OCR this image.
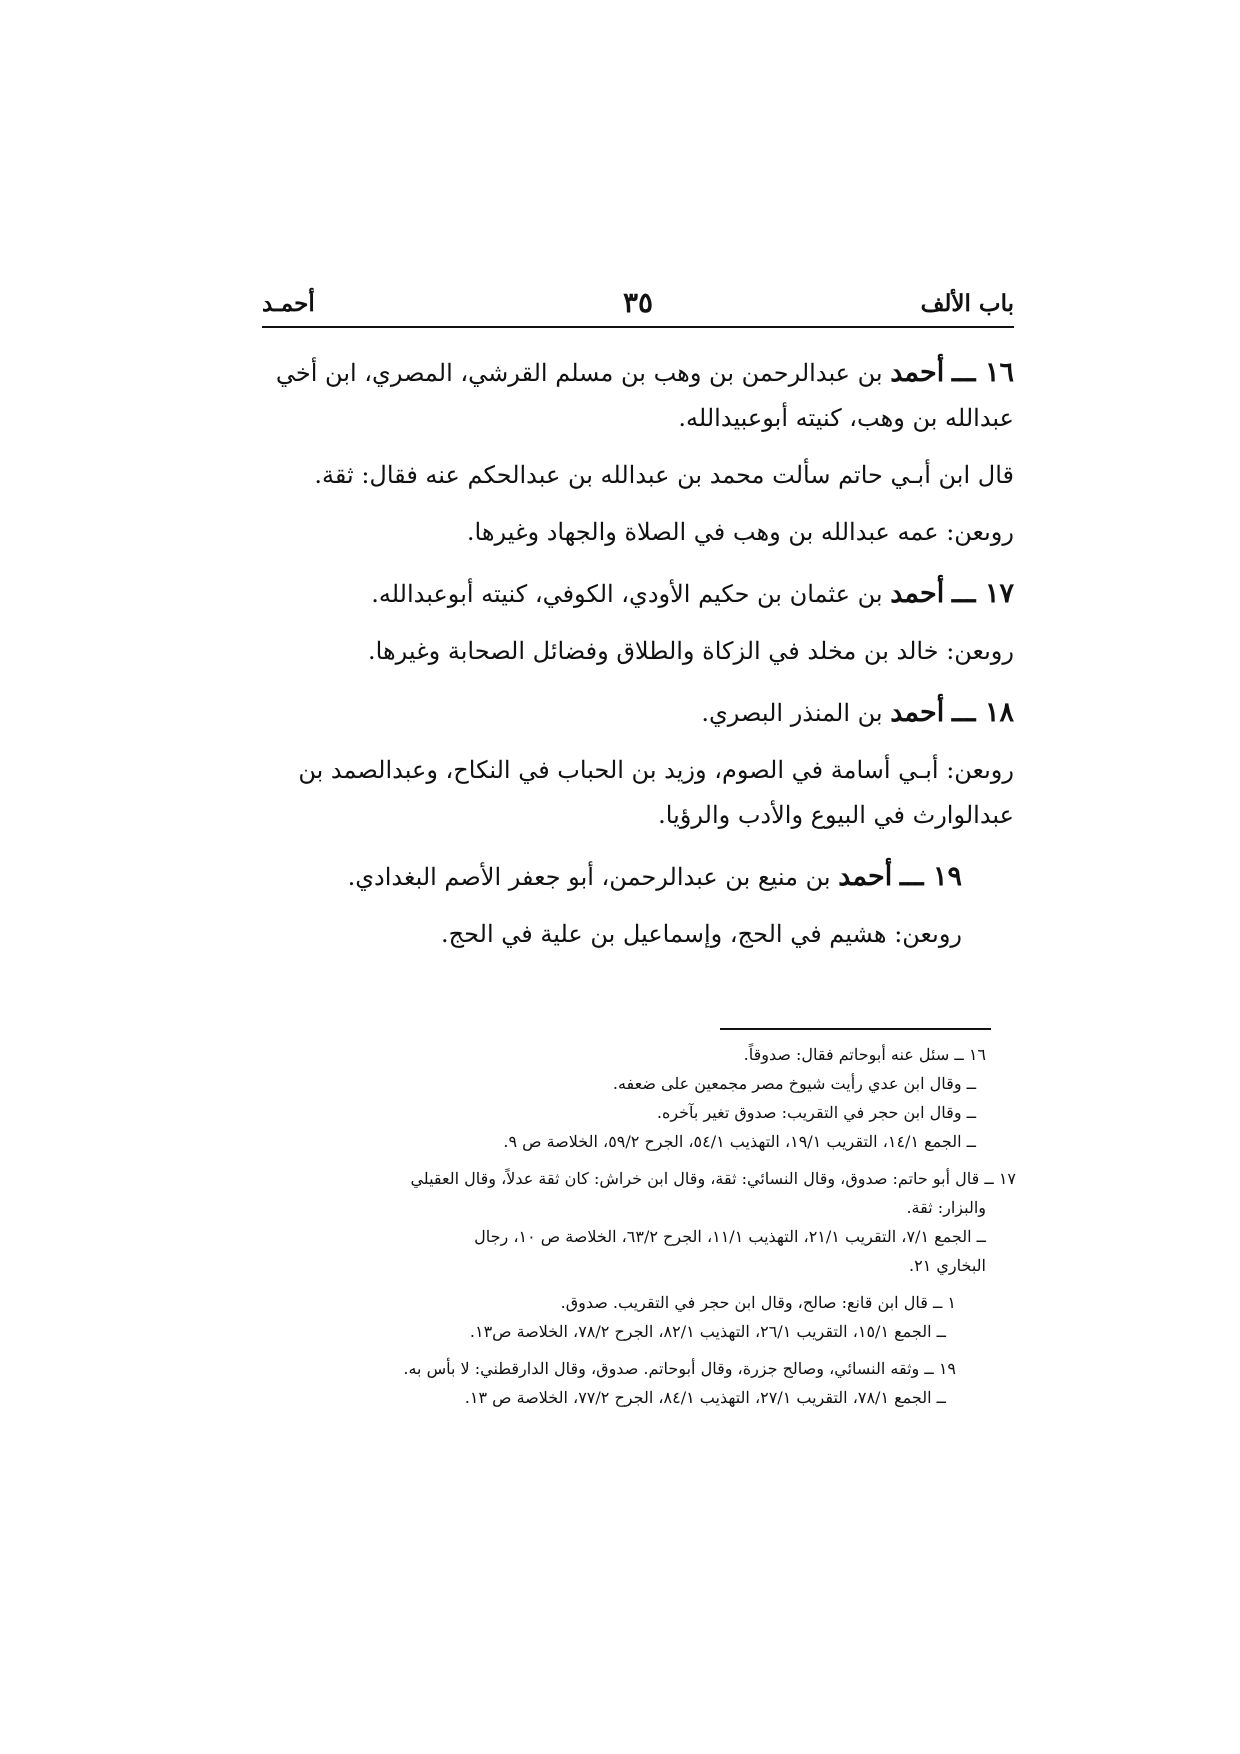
باب الألف
٣٥
أحمـد

١٦ ـــ أحمد بن عبدالرحمن بن وهب بن مسلم القرشي، المصري، ابن أخي

عبدالله بن وهب، كنيته أبوعبيدالله.

قال ابن أبـي حاتم سألت محمد بن عبدالله بن عبدالحكم عنه فقال: ثقة.

روىعن: عمه عبدالله بن وهب في الصلاة والجهاد وغيرها.

١٧ ـــ أحمد بن عثمان بن حكيم الأودي، الكوفي، كنيته أبوعبدالله.

روىعن: خالد بن مخلد في الزكاة والطلاق وفضائل الصحابة وغيرها.

١٨ ـــ أحمد بن المنذر البصري.

روىعن: أبـي أسامة في الصوم، وزيد بن الحباب في النكاح، وعبدالصمد بن

عبدالوارث في البيوع والأدب والرؤيا.

١٩ ـــ أحمد بن منيع بن عبدالرحمن، أبو جعفر الأصم البغدادي.

روىعن: هشيم في الحج، وإسماعيل بن علية في الحج.

١٦ ــ سئل عنه أبوحاتم فقال: صدوقاً.

ــ وقال ابن عدي رأيت شيوخ مصر مجمعين على ضعفه.

ــ وقال ابن حجر في التقريب: صدوق تغير بآخره.

ــ الجمع ١٤/١، التقريب ١٩/١، التهذيب ٥٤/١، الجرح ٥٩/٢، الخلاصة ص ٩.

١٧ ــ قال أبو حاتم: صدوق، وقال النسائي: ثقة، وقال ابن خراش: كان ثقة عدلاً، وقال العقيلي

والبزار: ثقة.

ــ الجمع ٧/١، التقريب ٢١/١، التهذيب ١١/١، الجرح ٦٣/٢، الخلاصة ص ١٠، رجال

البخاري ٢١.

١ ــ قال ابن قانع: صالح، وقال ابن حجر في التقريب. صدوق.

ــ الجمع ١٥/١، التقريب ٢٦/١، التهذيب ٨٢/١، الجرح ٧٨/٢، الخلاصة ص١٣.

١٩ ــ وثقه النسائي، وصالح جزرة، وقال أبوحاتم. صدوق، وقال الدارقطني: لا بأس به.

ــ الجمع ٧٨/١، التقريب ٢٧/١، التهذيب ٨٤/١، الجرح ٧٧/٢، الخلاصة ص ١٣.
